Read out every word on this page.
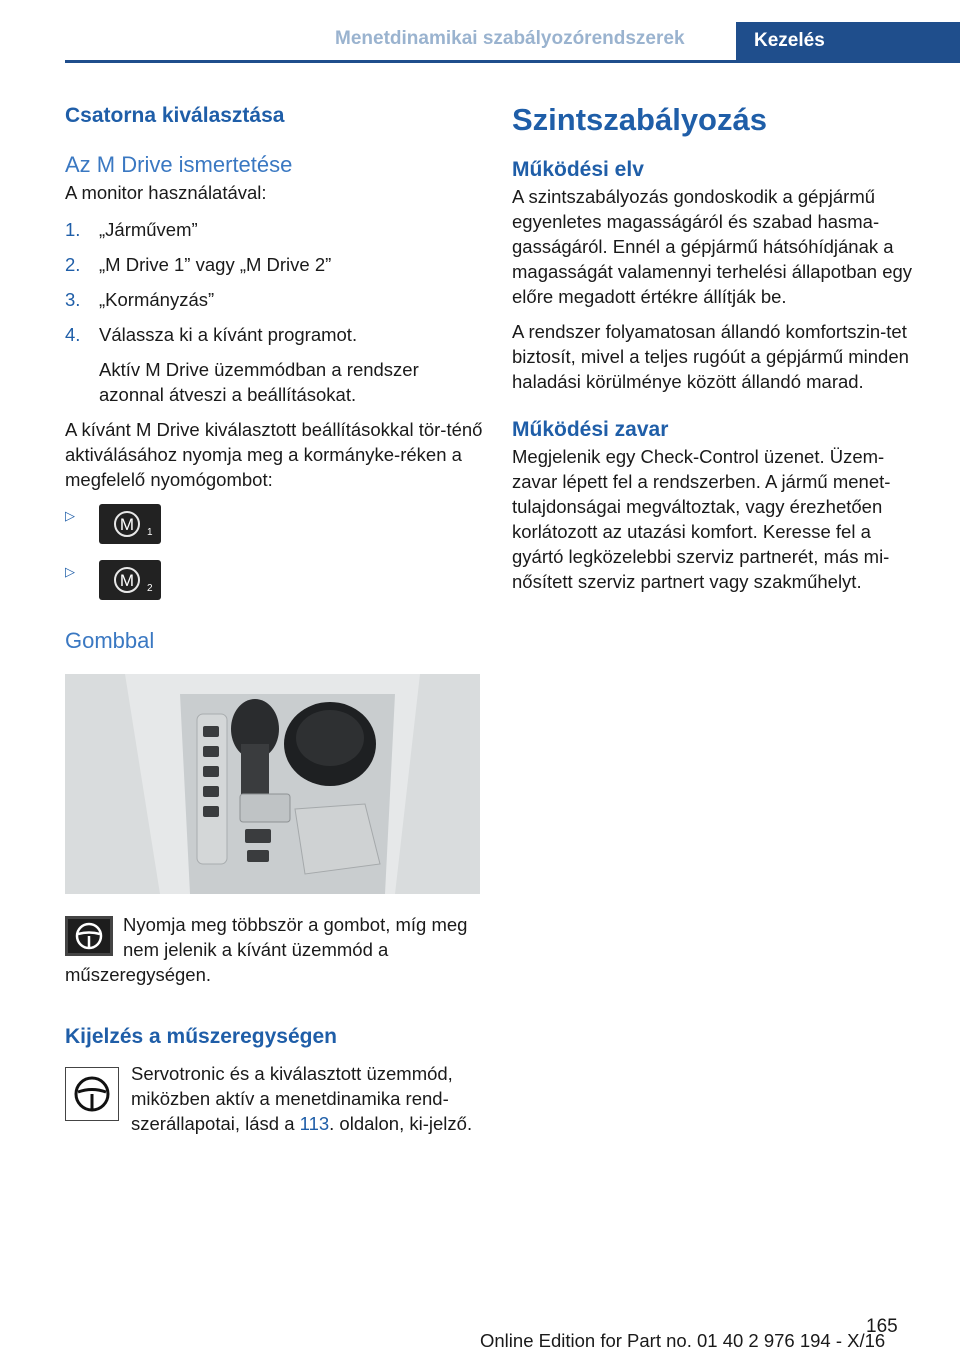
Menetdinamikai szabályozórendszerek	Kezelés
Csatorna kiválasztása
Az M Drive ismertetése

A monitor használatával:

1. „Járművem”
2. „M Drive 1” vagy „M Drive 2”
3. „Kormányzás”
4. Válassza ki a kívánt programot.
Aktív M Drive üzemmódban a rendszer azonnal átveszi a beállításokat.

A kívánt M Drive kiválasztott beállításokkal tör-ténő aktiválásához nyomja meg a kormányke-réken a megfelelő nyomógombot:

▷	M 1
▷	M 2
Gombbal

Nyomja meg többször a gombot, míg meg nem jelenik a kívánt üzemmód a műszeregységen.

Kijelzés a műszeregységen

Servotronic és a kiválasztott üzemmód, miközben aktív a menetdinamika rend-szerállapotai, lásd a 113. oldalon, ki-jelző.

Szintszabályozás
Működési elv

A szintszabályozás gondoskodik a gépjármű egyenletes magasságáról és szabad hasma-gasságáról. Ennél a gépjármű hátsóhídjának a magasságát valamennyi terhelési állapotban egy előre megadott értékre állítják be.

A rendszer folyamatosan állandó komfortszin-tet biztosít, mivel a teljes rugóút a gépjármű minden haladási körülménye között állandó marad.

Működési zavar

Megjelenik egy Check-Control üzenet. Üzem-zavar lépett fel a rendszerben. A jármű menet-tulajdonságai megváltoztak, vagy érezhetően korlátozott az utazási komfort. Keresse fel a gyártó legközelebbi szerviz partnerét, más mi-nősített szerviz partnert vagy szakműhelyt.

165
Online Edition for Part no. 01 40 2 976 194 - X/16
